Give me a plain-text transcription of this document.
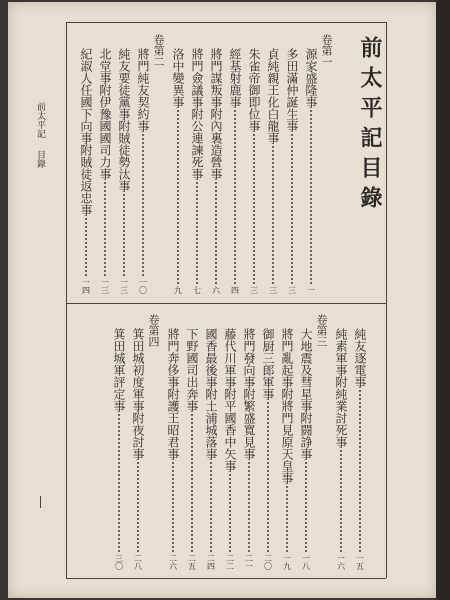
前太平記目錄
前太平記
目錄
卷第一
源家盛隆事
一
多田滿仲誕生事
三
貞純親王化白龍事
三
朱雀帝御即位事
三
經基射鹿事
四
將門謀叛事附內裏造營事
六
將門僉議事附公連諫死事
七
洛中變異事
九
卷第二
將門純友契約事
一〇
純友要徒黨事附賊徒勢汰事
一三
北堂事附伊豫國國司力事
一三
紀淑人任國下向事附賊徒返忠事
一四
純友逐電事
一五
純素軍事附純業討死事
一六
卷第三
大地震及彗星事附闘諍事
一八
將門亂起事附將門見原天皇事
一九
御厨三郎軍事
二〇
將門發向事附繁盛寬見事
二一
藤代川軍事附平國香中矢事
二二
國香最後事附土浦城落事
二四
下野國司出奔事
二五
將門奔侈事附護王昭君事
二六
卷第四
箕田城初度軍事附夜討事
二八
箕田城軍評定事
三〇
